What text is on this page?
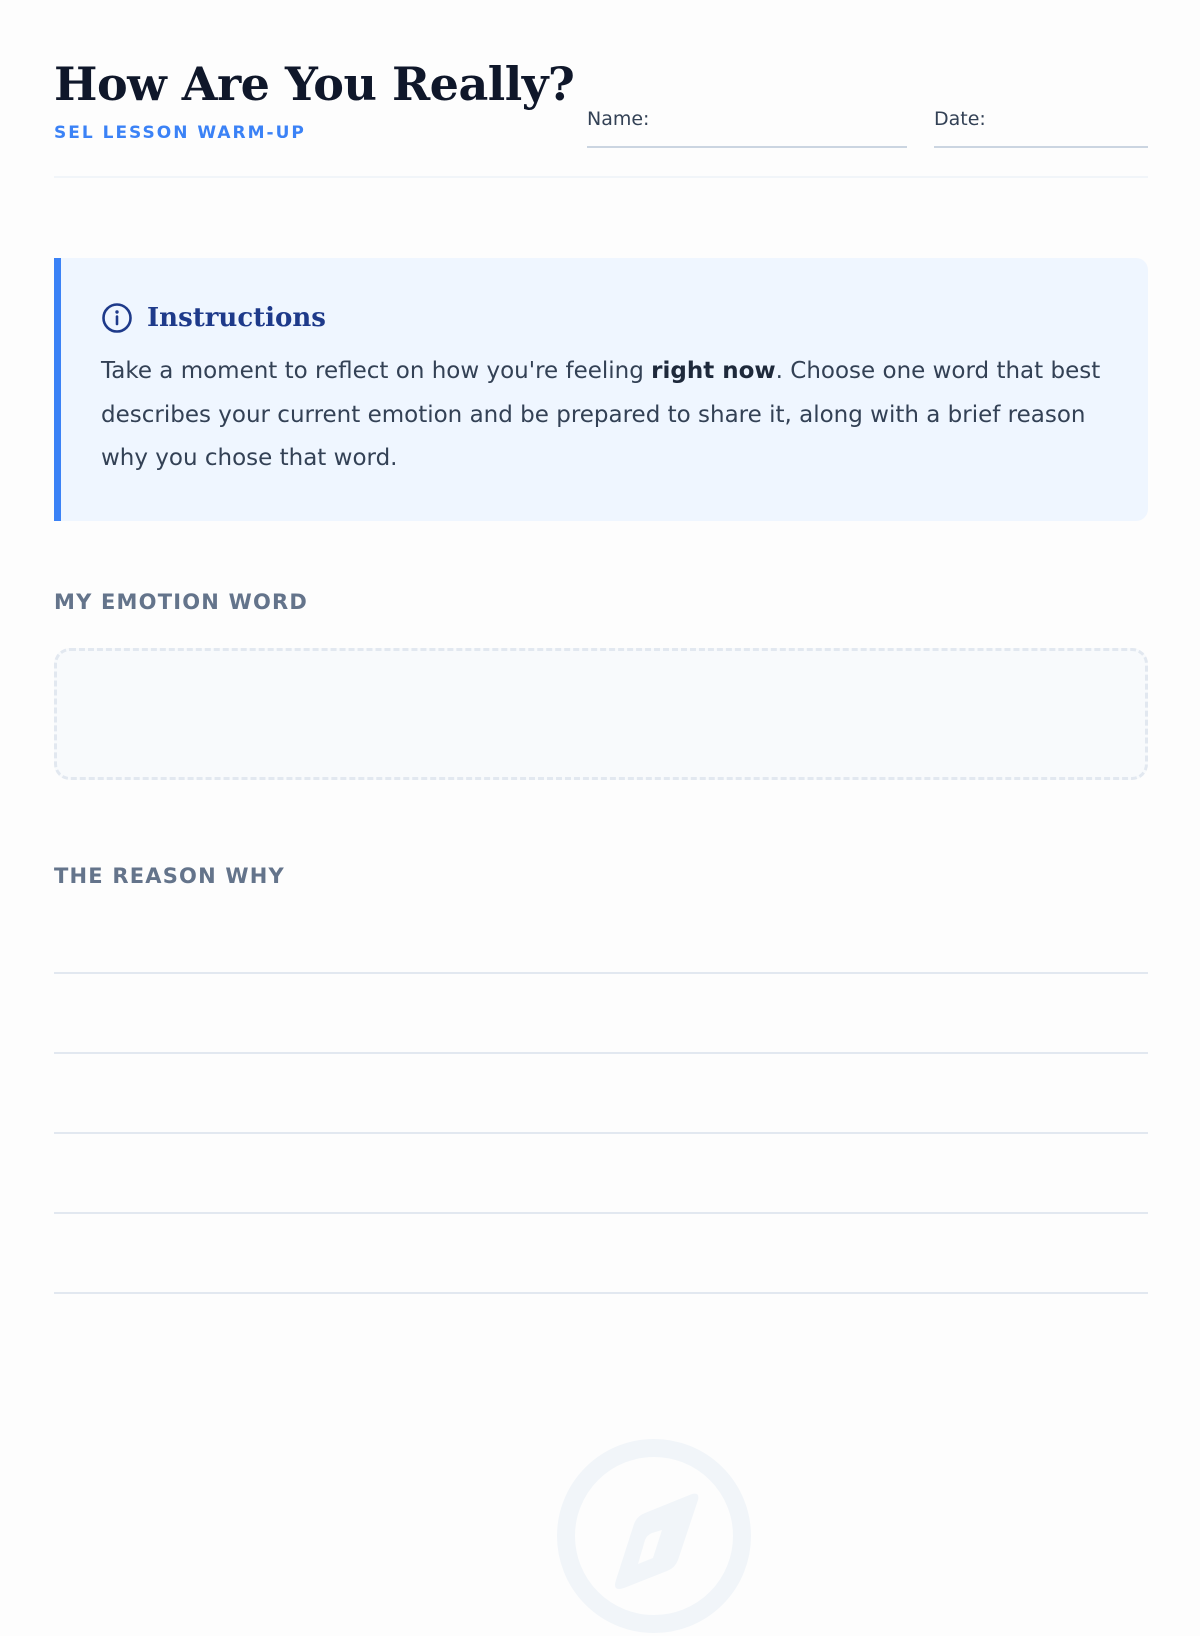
How Are You Really?
SEL LESSON WARM-UP
Name:	Date:
Instructions

Take a moment to reflect on how you're feeling right now. Choose one word that best describes your current emotion and be prepared to share it, along with a brief reason why you chose that word.

MY EMOTION WORD
THE REASON WHY
